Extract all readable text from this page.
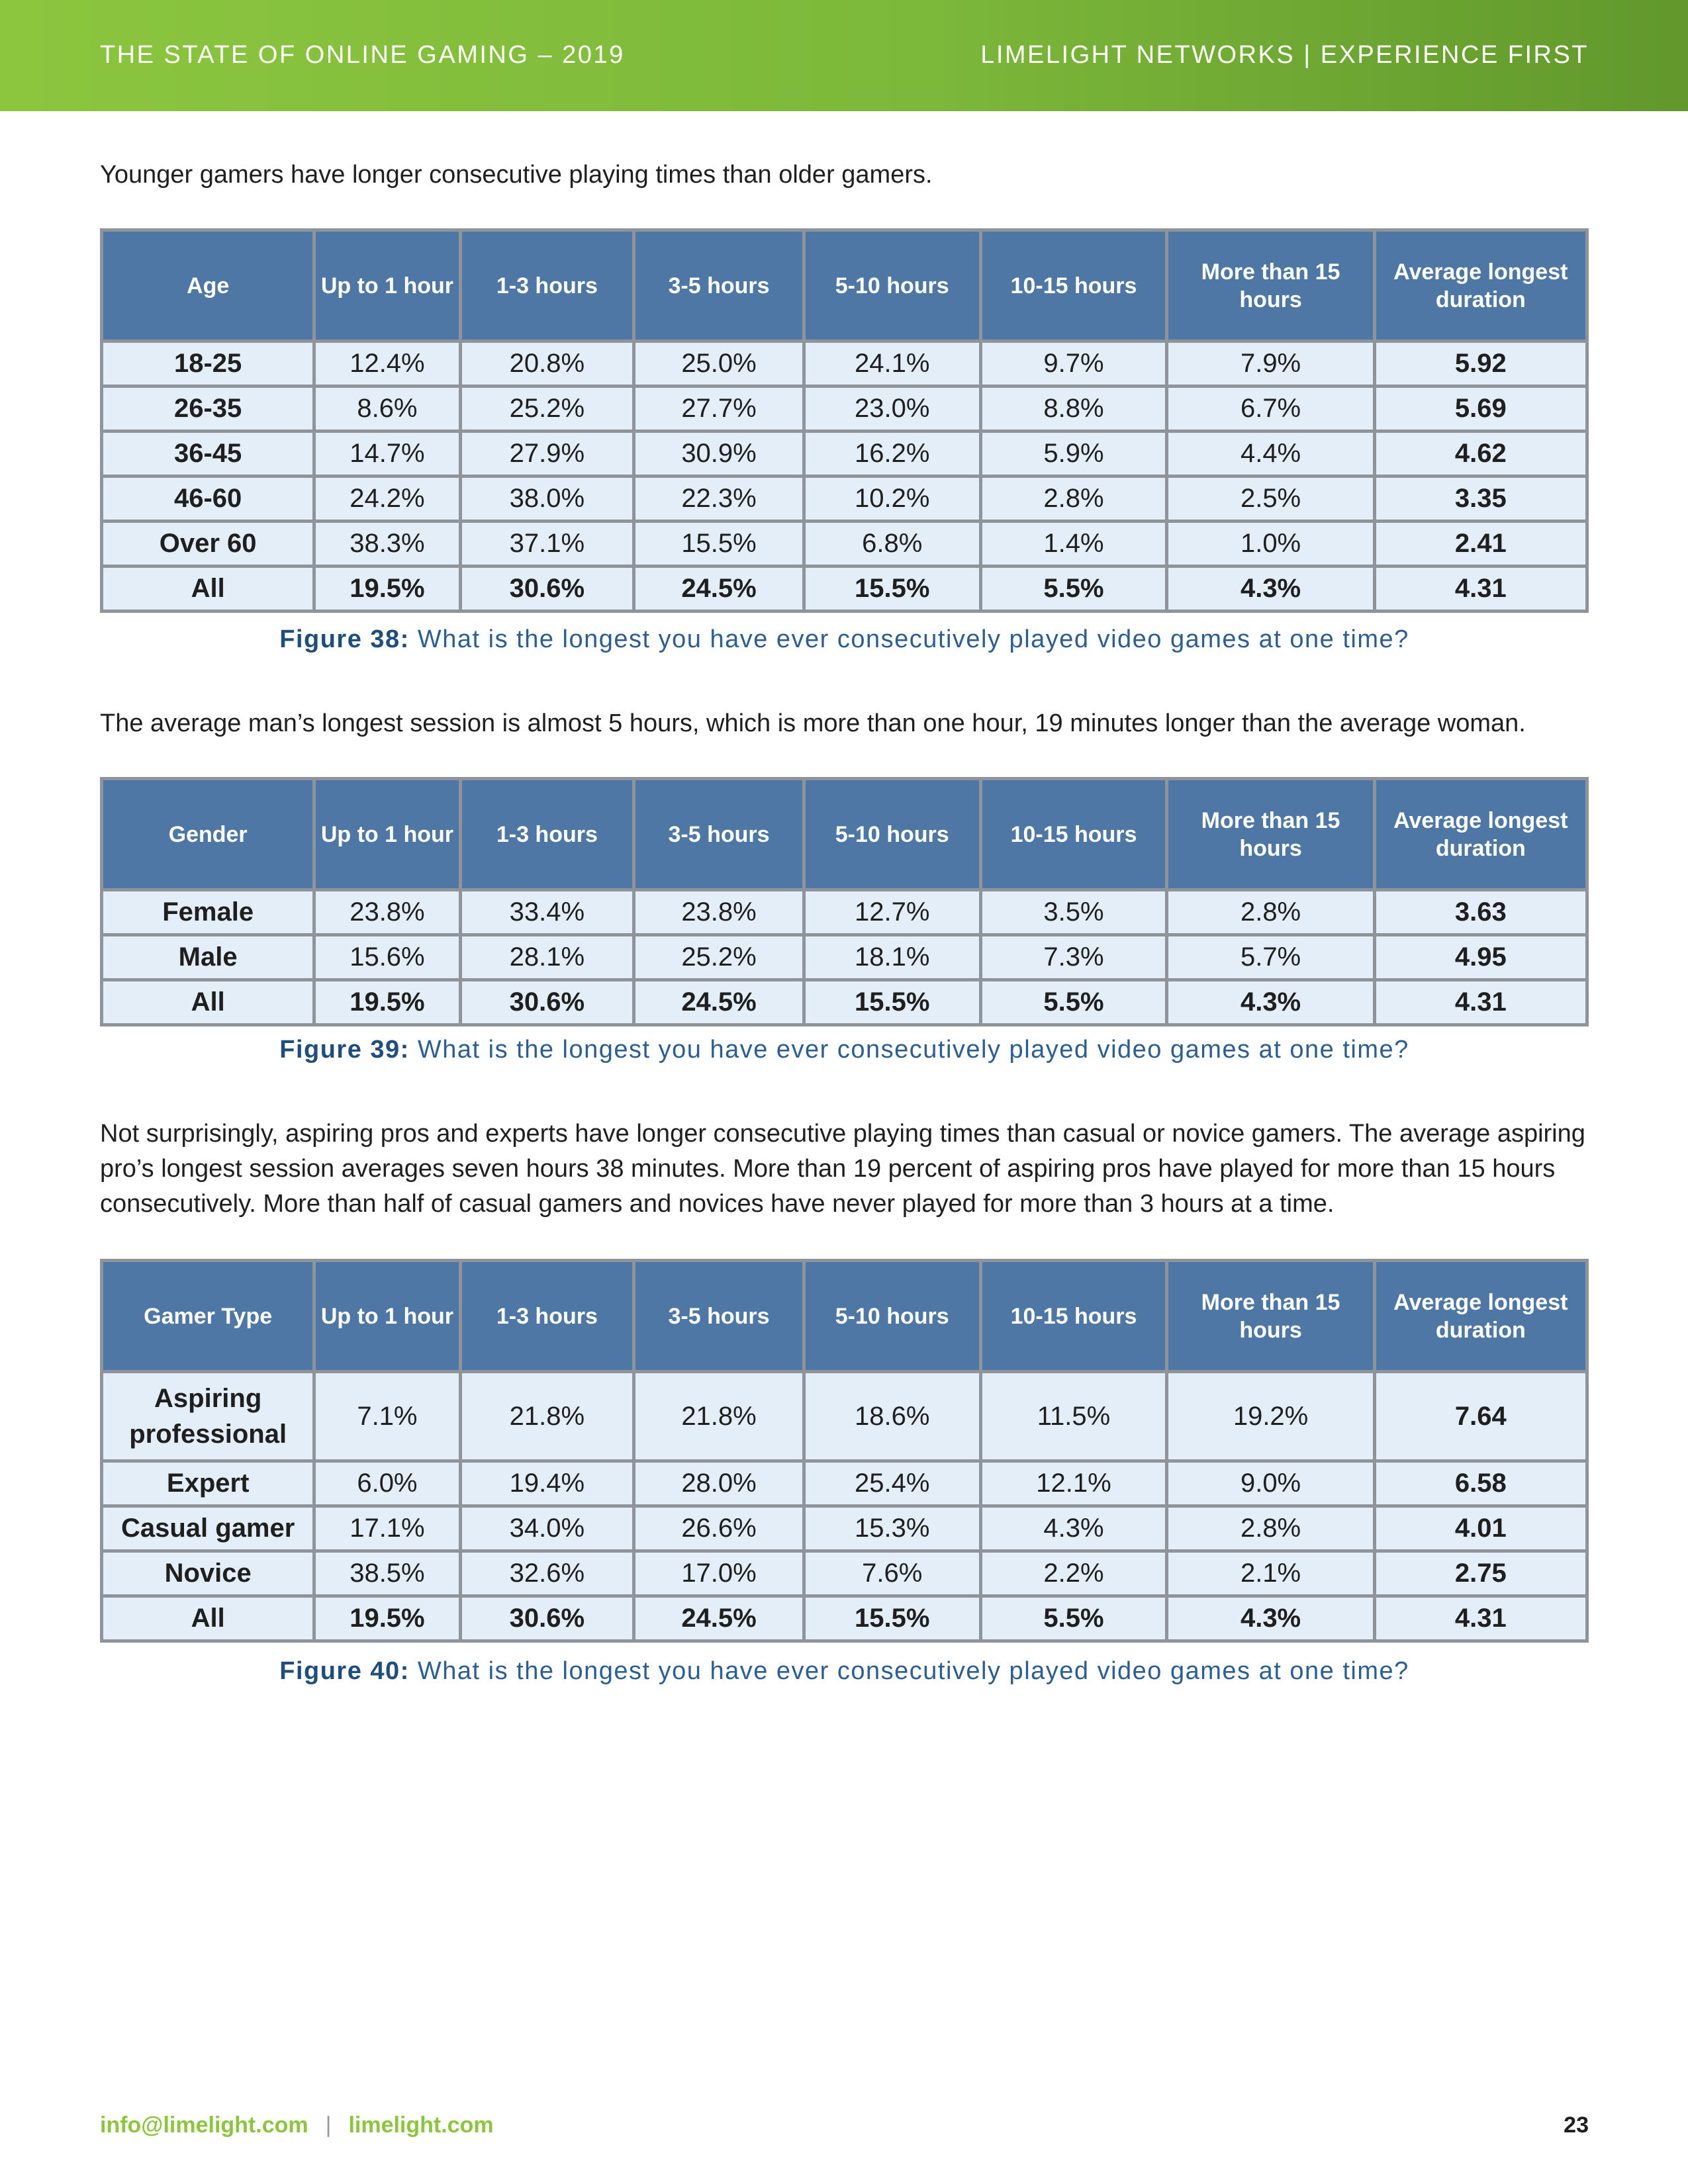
THE STATE OF ONLINE GAMING – 2019	LIMELIGHT NETWORKS | EXPERIENCE FIRST
Younger gamers have longer consecutive playing times than older gamers.
Age	Up to 1 hour	1-3 hours	3-5 hours	5-10 hours	10-15 hours	More than 15 hours	Average longest duration
18-25	12.4%	20.8%	25.0%	24.1%	9.7%	7.9%	5.92
26-35	8.6%	25.2%	27.7%	23.0%	8.8%	6.7%	5.69
36-45	14.7%	27.9%	30.9%	16.2%	5.9%	4.4%	4.62
46-60	24.2%	38.0%	22.3%	10.2%	2.8%	2.5%	3.35
Over 60	38.3%	37.1%	15.5%	6.8%	1.4%	1.0%	2.41
All	19.5%	30.6%	24.5%	15.5%	5.5%	4.3%	4.31
Figure 38: What is the longest you have ever consecutively played video games at one time?
The average man’s longest session is almost 5 hours, which is more than one hour, 19 minutes longer than the average woman.
Gender	Up to 1 hour	1-3 hours	3-5 hours	5-10 hours	10-15 hours	More than 15 hours	Average longest duration
Female	23.8%	33.4%	23.8%	12.7%	3.5%	2.8%	3.63
Male	15.6%	28.1%	25.2%	18.1%	7.3%	5.7%	4.95
All	19.5%	30.6%	24.5%	15.5%	5.5%	4.3%	4.31
Figure 39: What is the longest you have ever consecutively played video games at one time?
Not surprisingly, aspiring pros and experts have longer consecutive playing times than casual or novice gamers. The average aspiring pro’s longest session averages seven hours 38 minutes. More than 19 percent of aspiring pros have played for more than 15 hours consecutively. More than half of casual gamers and novices have never played for more than 3 hours at a time.
Gamer Type	Up to 1 hour	1-3 hours	3-5 hours	5-10 hours	10-15 hours	More than 15 hours	Average longest duration
Aspiring professional	7.1%	21.8%	21.8%	18.6%	11.5%	19.2%	7.64
Expert	6.0%	19.4%	28.0%	25.4%	12.1%	9.0%	6.58
Casual gamer	17.1%	34.0%	26.6%	15.3%	4.3%	2.8%	4.01
Novice	38.5%	32.6%	17.0%	7.6%	2.2%	2.1%	2.75
All	19.5%	30.6%	24.5%	15.5%	5.5%	4.3%	4.31
Figure 40: What is the longest you have ever consecutively played video games at one time?
info@limelight.com | limelight.com	23
